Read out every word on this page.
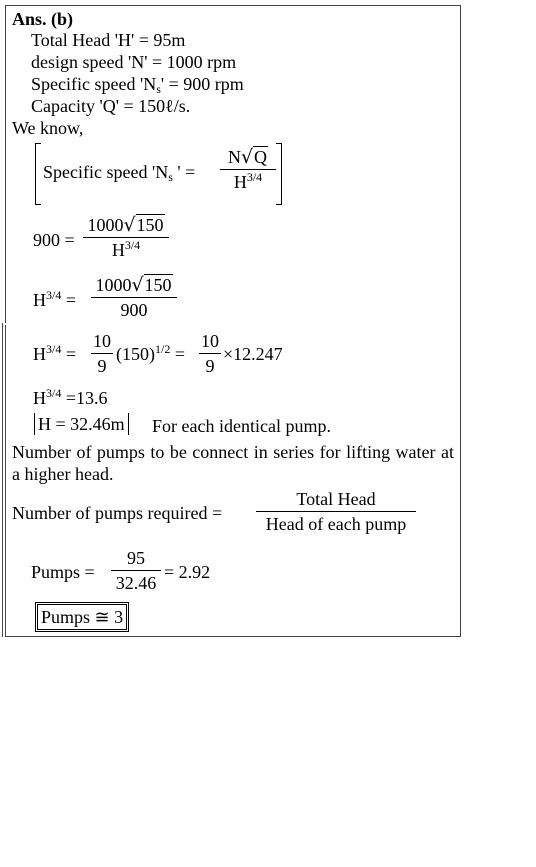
Ans. (b)
Total Head 'H' = 95m
design speed 'N' = 1000 rpm
Specific speed '$N_s' = 900$ rpm
Capacity 'Q' = 150ℓ/s.
We know,
Specific speed '$N_s$ ' =
N√Q
$H^{3/4}$
900 =
1000√150
$H^{3/4}$
$H^{3/4}$ =
1000√150
900
$H^{3/4}$ =
10
9
$(150)^{1/2}$ =
10
9
×12.247
$H^{3/4} =13.6$
H = 32.46m For each identical pump.
Number of pumps to be connect in series for lifting water at a higher head.
Number of pumps required =
Total Head
Head of each pump
Pumps =
95
32.46
= 2.92
Pumps ≅ 3
